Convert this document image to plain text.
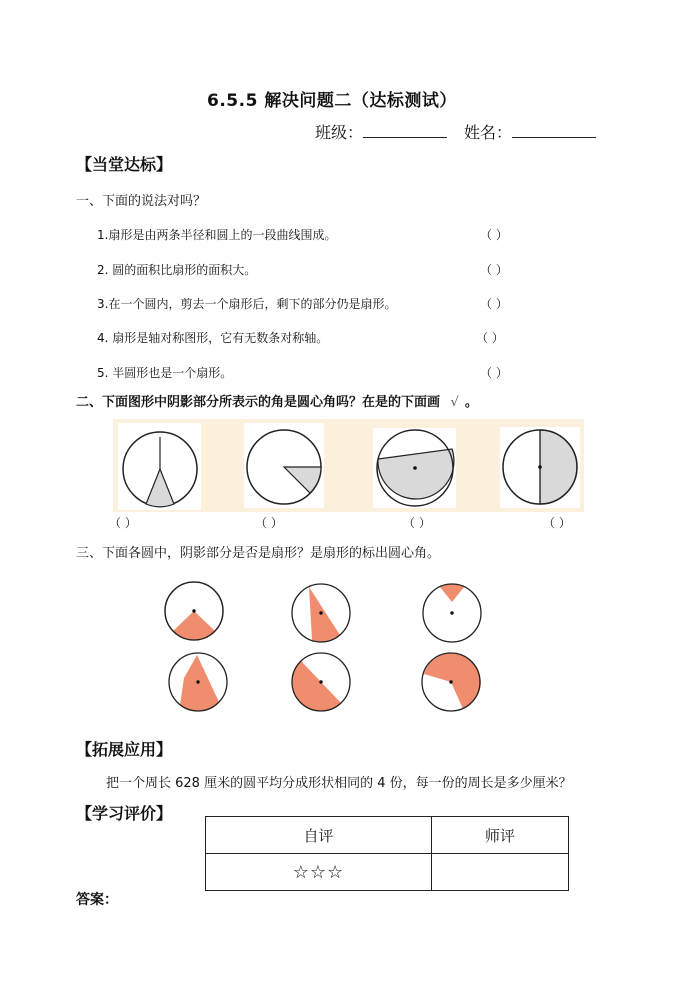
6.5.5 解决问题二（达标测试）
班级：	姓名：
【当堂达标】
一、下面的说法对吗？
1.扇形是由两条半径和圆上的一段曲线围成。	（ ）
2. 圆的面积比扇形的面积大。	（ ）
3.在一个圆内，剪去一个扇形后，剩下的部分仍是扇形。	（ ）
4. 扇形是轴对称图形，它有无数条对称轴。	（ ）
5. 半圆形也是一个扇形。	（ ）
二、下面图形中阴影部分所表示的角是圆心角吗？在是的下面画 √ 。
（ ）	（ ）	（ ）	（ ）
三、下面各圆中，阴影部分是否是扇形？是扇形的标出圆心角。
【拓展应用】
把一个周长 628 厘米的圆平均分成形状相同的 4 份，每一份的周长是多少厘米？
【学习评价】
自评	师评
☆☆☆	
答案：
